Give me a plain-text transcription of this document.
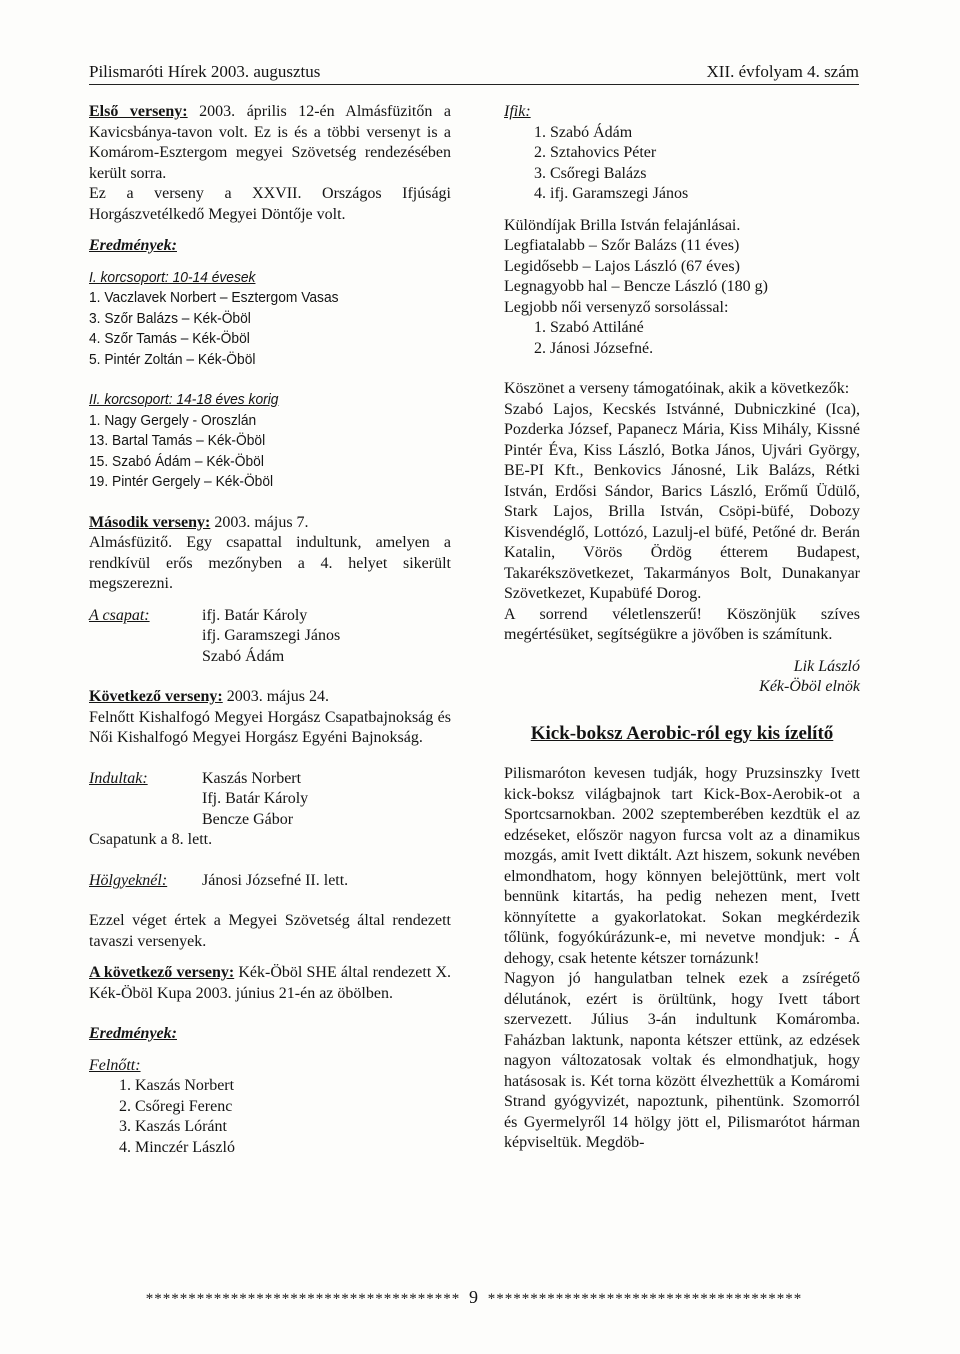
Pilismaróti Hírek 2003. augusztus	XII. évfolyam 4. szám

Első verseny: 2003. április 12-én Almásfüzitőn a Kavicsbánya-tavon volt. Ez is és a többi versenyt is a Komárom-Esztergom megyei Szövetség rendezésében került sorra.

Ez a verseny a XXVII. Országos Ifjúsági Horgászvetélkedő Megyei Döntője volt.

Eredmények:

I. korcsoport: 10-14 évesek

1. Vaczlavek Norbert – Esztergom Vasas
3. Szőr Balázs – Kék-Öböl
4. Szőr Tamás – Kék-Öböl
5. Pintér Zoltán – Kék-Öböl

II. korcsoport: 14-18 éves korig

1. Nagy Gergely - Oroszlán
13. Bartal Tamás – Kék-Öböl
15. Szabó Ádám – Kék-Öböl
19. Pintér Gergely – Kék-Öböl

Második verseny: 2003. május 7.

Almásfüzitő. Egy csapattal indultunk, amelyen a rendkívül erős mezőnyben a 4. helyet sikerült megszerezni.

A csapat:	ifj. Batár Károly
ifj. Garamszegi János
Szabó Ádám

Következő verseny: 2003. május 24.

Felnőtt Kishalfogó Megyei Horgász Csapatbajnokság és Női Kishalfogó Megyei Horgász Egyéni Bajnokság.

Indultak:	Kaszás Norbert
Ifj. Batár Károly
Bencze Gábor

Csapatunk a 8. lett.

Hölgyeknél:	Jánosi Józsefné II. lett.

Ezzel véget értek a Megyei Szövetség által rendezett tavaszi versenyek.

A következő verseny: Kék-Öböl SHE által rendezett X. Kék-Öböl Kupa 2003. június 21-én az öbölben.

Eredmények:

Felnőtt:

1. Kaszás Norbert
2. Csőregi Ferenc
3. Kaszás Lóránt
4. Minczér László

Ifik:

1. Szabó Ádám
2. Sztahovics Péter
3. Csőregi Balázs
4. ifj. Garamszegi János

Különdíjak Brilla István felajánlásai.

Legfiatalabb – Szőr Balázs (11 éves)
Legidősebb – Lajos László (67 éves)
Legnagyobb hal – Bencze László (180 g)
Legjobb női versenyző sorsolással:
1. Szabó Attiláné
2. Jánosi Józsefné.

Köszönet a verseny támogatóinak, akik a következők:

Szabó Lajos, Kecskés Istvánné, Dubniczkiné (Ica), Pozderka József, Papanecz Mária, Kiss Mihály, Kissné Pintér Éva, Kiss László, Botka János, Ujvári György, BE-PI Kft., Benkovics Jánosné, Lik Balázs, Rétki István, Erdősi Sándor, Barics László, Erőmű Üdülő, Stark Lajos, Brilla István, Csöpi-büfé, Dobozy Kisvendéglő, Lottózó, Lazulj-el büfé, Petőné dr. Berán Katalin, Vörös Ördög étterem Budapest, Takarékszövetkezet, Takarmányos Bolt, Dunakanyar Szövetkezet, Kupabüfé Dorog.

A sorrend véletlenszerű! Köszönjük szíves megértésüket, segítségükre a jövőben is számítunk.

Lik László

Kék-Öböl elnök

Kick-boksz Aerobic-ról egy kis ízelítő

Pilismaróton kevesen tudják, hogy Pruzsinszky Ivett kick-boksz világbajnok tart Kick-Box-Aerobik-ot a Sportcsarnokban. 2002 szeptemberében kezdtük el az edzéseket, először nagyon furcsa volt az a dinamikus mozgás, amit Ivett diktált. Azt hiszem, sokunk nevében elmondhatom, hogy könnyen belejöttünk, mert volt bennünk kitartás, ha pedig nehezen ment, Ivett könnyítette a gyakorlatokat. Sokan megkérdezik tőlünk, fogyókúrázunk-e, mi nevetve mondjuk: - Á dehogy, csak hetente kétszer tornázunk!

Nagyon jó hangulatban telnek ezek a zsírégető délutánok, ezért is örültünk, hogy Ivett tábort szervezett. Július 3-án indultunk Komáromba. Faházban laktunk, naponta kétszer ettünk, az edzések nagyon változatosak voltak és elmondhatjuk, hogy hatásosak is. Két torna között élvezhettük a Komáromi Strand gyógyvizét, napoztunk, pihentünk. Szomorról és Gyermelyről 14 hölgy jött el, Pilismarótot hárman képviseltük. Megdöb-

************************************* 9 *************************************
